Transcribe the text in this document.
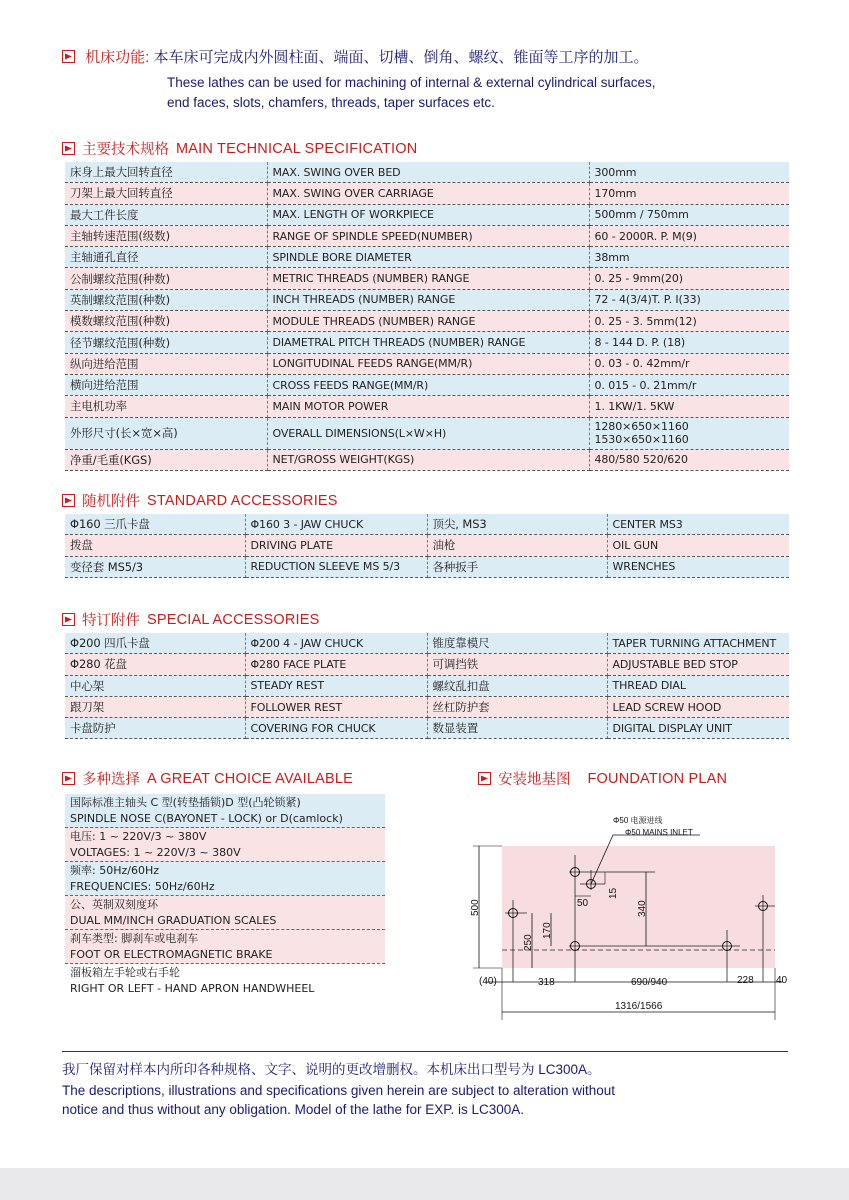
机床功能: 本车床可完成内外圆柱面、端面、切槽、倒角、螺纹、锥面等工序的加工。
These lathes can be used for machining of internal & external cylindrical surfaces,
end faces, slots, chamfers, threads, taper surfaces etc.
主要技术规格 MAIN TECHNICAL SPECIFICATION
床身上最大回转直径	MAX. SWING OVER BED	300mm

刀架上最大回转直径	MAX. SWING OVER CARRIAGE	170mm

最大工件长度	MAX. LENGTH OF WORKPIECE	500mm / 750mm

主轴转速范围(级数)	RANGE OF SPINDLE SPEED(NUMBER)	60 - 2000R. P. M(9)

主轴通孔直径	SPINDLE BORE DIAMETER	38mm

公制螺纹范围(种数)	METRIC THREADS (NUMBER) RANGE	0. 25 - 9mm(20)

英制螺纹范围(种数)	INCH THREADS (NUMBER) RANGE	72 - 4(3/4)T. P. I(33)

模数螺纹范围(种数)	MODULE THREADS (NUMBER) RANGE	0. 25 - 3. 5mm(12)

径节螺纹范围(种数)	DIAMETRAL PITCH THREADS (NUMBER) RANGE	8 - 144 D. P. (18)

纵向进给范围	LONGITUDINAL FEEDS RANGE(MM/R)	0. 03 - 0. 42mm/r

横向进给范围	CROSS FEEDS RANGE(MM/R)	0. 015 - 0. 21mm/r

主电机功率	MAIN MOTOR POWER	1. 1KW/1. 5KW

外形尺寸(长×宽×高)	OVERALL DIMENSIONS(L×W×H)	1280×650×1160
1530×650×1160

净重/毛重(KGS)	NET/GROSS WEIGHT(KGS)	480/580 520/620
随机附件 STANDARD ACCESSORIES
Φ160 三爪卡盘	Φ160 3 - JAW CHUCK	顶尖, MS3	CENTER MS3
拨盘	DRIVING PLATE	油枪	OIL GUN
变径套 MS5/3	REDUCTION SLEEVE MS 5/3	各种扳手	WRENCHES
特订附件 SPECIAL ACCESSORIES
Φ200 四爪卡盘	Φ200 4 - JAW CHUCK	锥度靠模尺	TAPER TURNING ATTACHMENT
Φ280 花盘	Φ280 FACE PLATE	可调挡铁	ADJUSTABLE BED STOP
中心架	STEADY REST	螺纹乱扣盘	THREAD DIAL
跟刀架	FOLLOWER REST	丝杠防护套	LEAD SCREW HOOD
卡盘防护	COVERING FOR CHUCK	数显装置	DIGITAL DISPLAY UNIT
多种选择 A GREAT CHOICE AVAILABLE
国际标准主轴头 C 型(转垫插锁)D 型(凸轮锁紧)
SPINDLE NOSE C(BAYONET - LOCK) or D(camlock)
电压: 1 ~ 220V/3 ~ 380V
VOLTAGES: 1 ~ 220V/3 ~ 380V
频率: 50Hz/60Hz
FREQUENCIES: 50Hz/60Hz
公、英制双刻度环
DUAL MM/INCH GRADUATION SCALES
刹车类型: 脚刹车或电刹车
FOOT OR ELECTROMAGNETIC BRAKE
溜板箱左手轮或右手轮
RIGHT OR LEFT - HAND APRON HANDWHEEL
安装地基图 FOUNDATION PLAN
Φ50 电源进线
Φ50 MAINS INLET
500
250
170
50
15
340
(40)	318	690/940	228 40
1316/1566
我厂保留对样本内所印各种规格、文字、说明的更改增删权。本机床出口型号为 LC300A。
The descriptions, illustrations and specifications given herein are subject to alteration without
notice and thus without any obligation. Model of the lathe for EXP. is LC300A.
